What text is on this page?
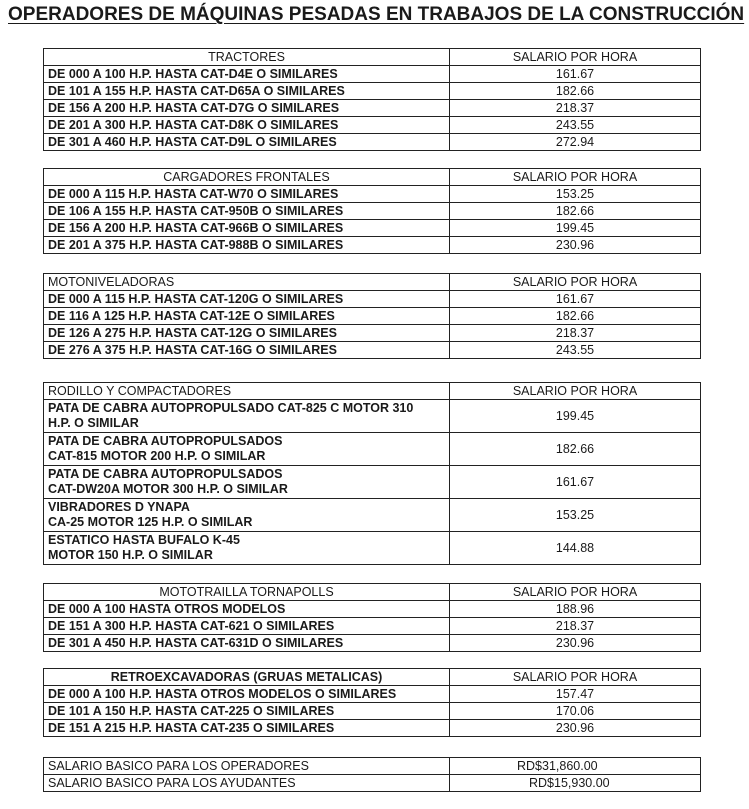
OPERADORES DE MÁQUINAS PESADAS EN TRABAJOS DE LA CONSTRUCCIÓN
TRACTORES	SALARIO POR HORA
DE 000 A 100 H.P. HASTA CAT-D4E O SIMILARES	161.67
DE 101 A 155 H.P. HASTA CAT-D65A O SIMILARES	182.66
DE 156 A 200 H.P. HASTA CAT-D7G O SIMILARES	218.37
DE 201 A 300 H.P. HASTA CAT-D8K O SIMILARES	243.55
DE 301 A 460 H.P. HASTA CAT-D9L O SIMILARES	272.94
CARGADORES FRONTALES	SALARIO POR HORA
DE 000 A 115 H.P. HASTA CAT-W70 O SIMILARES	153.25
DE 106 A 155 H.P. HASTA CAT-950B O SIMILARES	182.66
DE 156 A 200 H.P. HASTA CAT-966B O SIMILARES	199.45
DE 201 A 375 H.P. HASTA CAT-988B O SIMILARES	230.96
MOTONIVELADORAS	SALARIO POR HORA
DE 000 A 115 H.P. HASTA CAT-120G O SIMILARES	161.67
DE 116 A 125 H.P. HASTA CAT-12E O SIMILARES	182.66
DE 126 A 275 H.P. HASTA CAT-12G O SIMILARES	218.37
DE 276 A 375 H.P. HASTA CAT-16G O SIMILARES	243.55
RODILLO Y COMPACTADORES	SALARIO POR HORA
PATA DE CABRA AUTOPROPULSADO CAT-825 C MOTOR 310
H.P. O SIMILAR	199.45
PATA DE CABRA AUTOPROPULSADOS
CAT-815 MOTOR 200 H.P. O SIMILAR	182.66
PATA DE CABRA AUTOPROPULSADOS
CAT-DW20A MOTOR 300 H.P. O SIMILAR	161.67
VIBRADORES D YNAPA
CA-25 MOTOR 125 H.P. O SIMILAR	153.25
ESTATICO HASTA BUFALO K-45
MOTOR 150 H.P. O SIMILAR	144.88
MOTOTRAILLA TORNAPOLLS	SALARIO POR HORA
DE 000 A 100 HASTA OTROS MODELOS	188.96
DE 151 A 300 H.P. HASTA CAT-621 O SIMILARES	218.37
DE 301 A 450 H.P. HASTA CAT-631D O SIMILARES	230.96
RETROEXCAVADORAS (GRUAS METALICAS)	SALARIO POR HORA
DE 000 A 100 H.P. HASTA OTROS MODELOS O SIMILARES	157.47
DE 101 A 150 H.P. HASTA CAT-225 O SIMILARES	170.06
DE 151 A 215 H.P. HASTA CAT-235 O SIMILARES	230.96
SALARIO BASICO PARA LOS OPERADORES	RD$31,860.00
SALARIO BASICO PARA LOS AYUDANTES	RD$15,930.00
